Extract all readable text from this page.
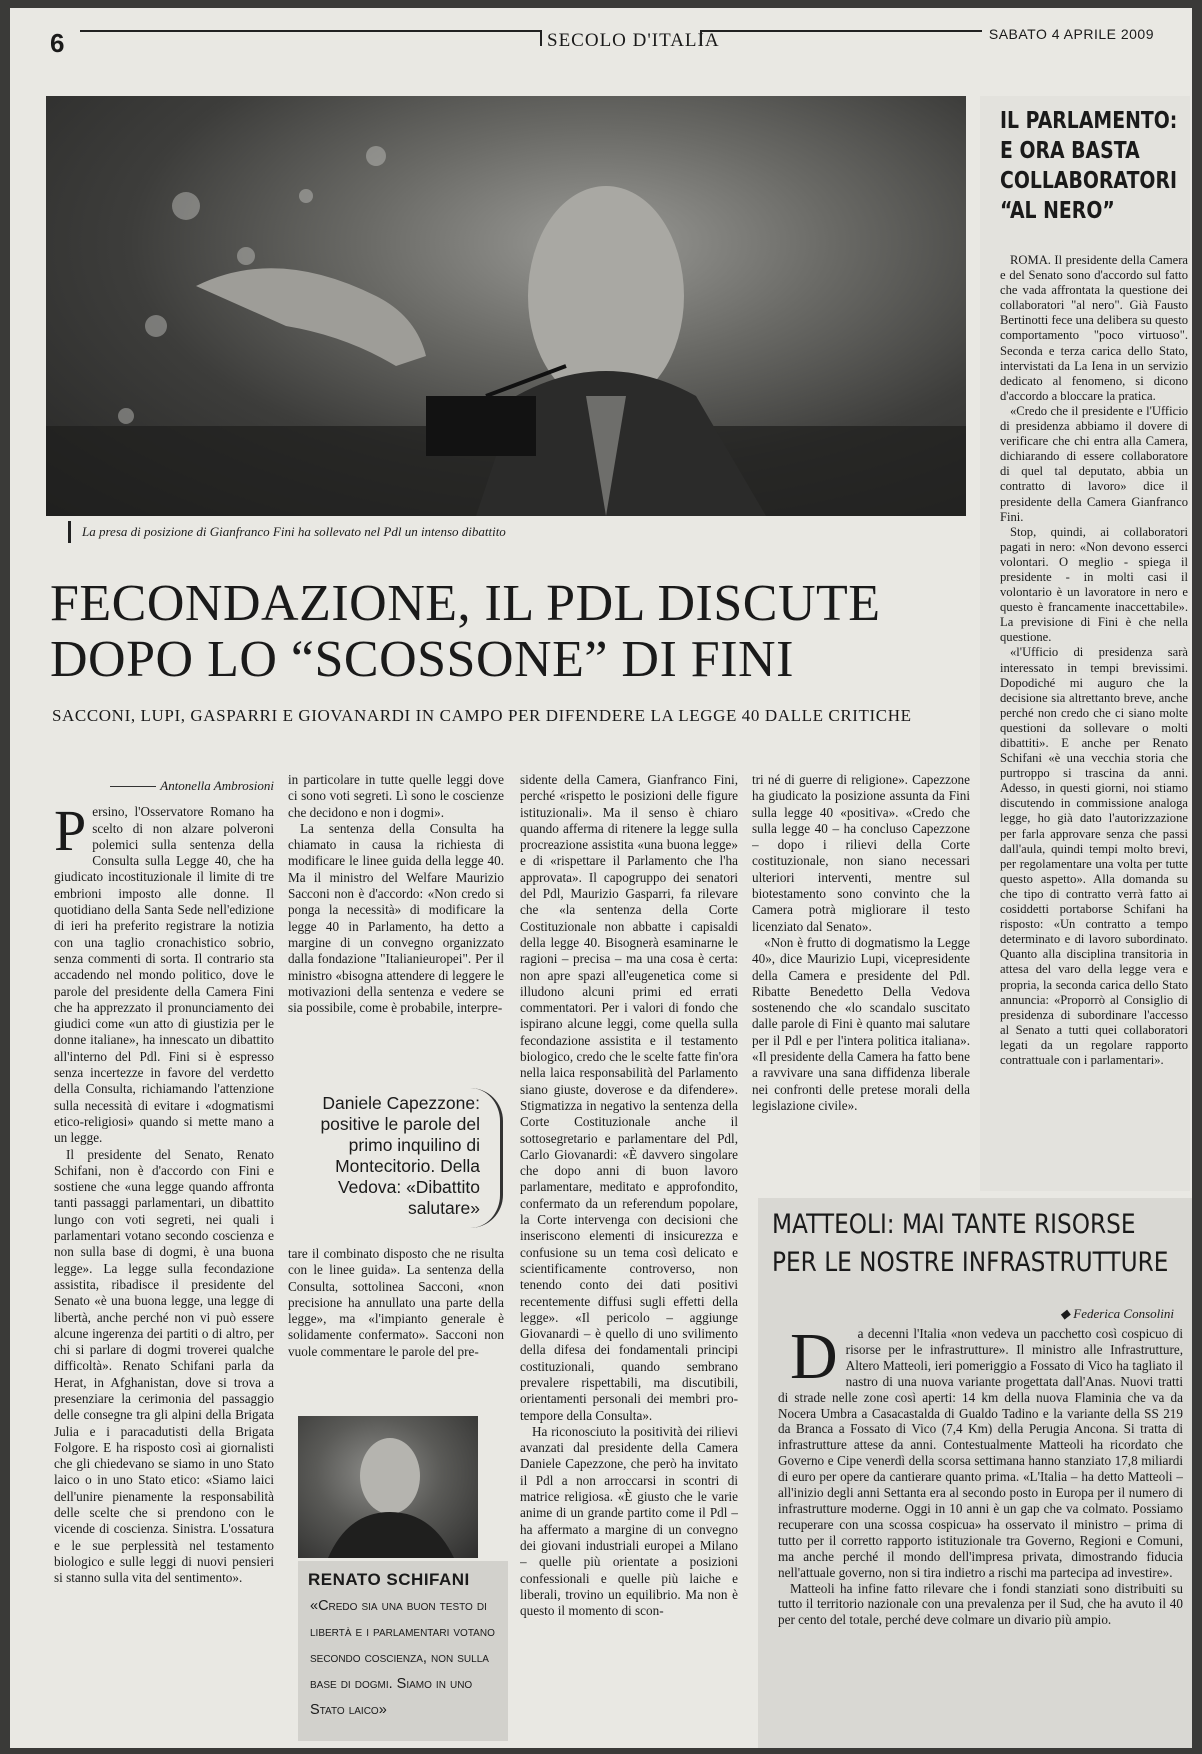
6	SECOLO D'ITALIA	SABATO 4 APRILE 2009
La presa di posizione di Gianfranco Fini ha sollevato nel Pdl un intenso dibattito
FECONDAZIONE, IL PDL DISCUTE
DOPO LO “SCOSSONE” DI FINI
SACCONI, LUPI, GASPARRI E GIOVANARDI IN CAMPO PER DIFENDERE LA LEGGE 40 DALLE CRITICHE

Antonella Ambrosioni

Persino, l'Osservatore Romano ha scelto di non alzare polveroni polemici sulla sentenza della Consulta sulla Legge 40, che ha giudicato incostituzionale il limite di tre embrioni imposto alle donne. Il quotidiano della Santa Sede nell'edizione di ieri ha preferito registrare la notizia con una taglio cronachistico sobrio, senza commenti di sorta. Il contrario sta accadendo nel mondo politico, dove le parole del presidente della Camera Fini che ha apprezzato il pronunciamento dei giudici come «un atto di giustizia per le donne italiane», ha innescato un dibattito all'interno del Pdl. Fini si è espresso senza incertezze in favore del verdetto della Consulta, richiamando l'attenzione sulla necessità di evitare i «dogmatismi etico-religiosi» quando si mette mano a un legge.

Il presidente del Senato, Renato Schifani, non è d'accordo con Fini e sostiene che «una legge quando affronta tanti passaggi parlamentari, un dibattito lungo con voti segreti, nei quali i parlamentari votano secondo coscienza e non sulla base di dogmi, è una buona legge». La legge sulla fecondazione assistita, ribadisce il presidente del Senato «è una buona legge, una legge di libertà, anche perché non vi può essere alcune ingerenza dei partiti o di altro, per chi si parlare di dogmi troverei qualche difficoltà». Renato Schifani parla da Herat, in Afghanistan, dove si trova a presenziare la cerimonia del passaggio delle consegne tra gli alpini della Brigata Julia e i paracadutisti della Brigata Folgore. E ha risposto così ai giornalisti che gli chiedevano se siamo in uno Stato laico o in uno Stato etico: «Siamo laici dell'unire pienamente la responsabilità delle scelte che si prendono con le vicende di coscienza. Sinistra. L'ossatura e le sue perplessità nel testamento biologico e sulle leggi di nuovi pensieri si stanno sulla vita del sentimento».

in particolare in tutte quelle leggi dove ci sono voti segreti. Lì sono le coscienze che decidono e non i dogmi».

La sentenza della Consulta ha chiamato in causa la richiesta di modificare le linee guida della legge 40. Ma il ministro del Welfare Maurizio Sacconi non è d'accordo: «Non credo si ponga la necessità» di modificare la legge 40 in Parlamento, ha detto a margine di un convegno organizzato dalla fondazione "Italianieuropei". Per il ministro «bisogna attendere di leggere le motivazioni della sentenza e vedere se sia possibile, come è probabile, interpre-

Daniele Capezzone: positive le parole del primo inquilino di Montecitorio. Della Vedova: «Dibattito salutare»

tare il combinato disposto che ne risulta con le linee guida». La sentenza della Consulta, sottolinea Sacconi, «non precisione ha annullato una parte della legge», ma «l'impianto generale è solidamente confermato». Sacconi non vuole commentare le parole del pre-

RENATO SCHIFANI
«Credo sia una buon testo di libertà e i parlamentari votano secondo coscienza, non sulla base di dogmi. Siamo in uno Stato laico»

sidente della Camera, Gianfranco Fini, perché «rispetto le posizioni delle figure istituzionali». Ma il senso è chiaro quando afferma di ritenere la legge sulla procreazione assistita «una buona legge» e di «rispettare il Parlamento che l'ha approvata». Il capogruppo dei senatori del Pdl, Maurizio Gasparri, fa rilevare che «la sentenza della Corte Costituzionale non abbatte i capisaldi della legge 40. Bisognerà esaminarne le ragioni – precisa – ma una cosa è certa: non apre spazi all'eugenetica come si illudono alcuni primi ed errati commentatori. Per i valori di fondo che ispirano alcune leggi, come quella sulla fecondazione assistita e il testamento biologico, credo che le scelte fatte fin'ora nella laica responsabilità del Parlamento siano giuste, doverose e da difendere». Stigmatizza in negativo la sentenza della Corte Costituzionale anche il sottosegretario e parlamentare del Pdl, Carlo Giovanardi: «È davvero singolare che dopo anni di buon lavoro parlamentare, meditato e approfondito, confermato da un referendum popolare, la Corte intervenga con decisioni che inseriscono elementi di insicurezza e confusione su un tema così delicato e scientificamente controverso, non tenendo conto dei dati positivi recentemente diffusi sugli effetti della legge». «Il pericolo – aggiunge Giovanardi – è quello di uno svilimento della difesa dei fondamentali principi costituzionali, quando sembrano prevalere rispettabili, ma discutibili, orientamenti personali dei membri pro-tempore della Consulta».

Ha riconosciuto la positività dei rilievi avanzati dal presidente della Camera Daniele Capezzone, che però ha invitato il Pdl a non arroccarsi in scontri di matrice religiosa. «È giusto che le varie anime di un grande partito come il Pdl – ha affermato a margine di un convegno dei giovani industriali europei a Milano – quelle più orientate a posizioni confessionali e quelle più laiche e liberali, trovino un equilibrio. Ma non è questo il momento di scon-

tri né di guerre di religione». Capezzone ha giudicato la posizione assunta da Fini sulla legge 40 «positiva». «Credo che sulla legge 40 – ha concluso Capezzone – dopo i rilievi della Corte costituzionale, non siano necessari ulteriori interventi, mentre sul biotestamento sono convinto che la Camera potrà migliorare il testo licenziato dal Senato».

«Non è frutto di dogmatismo la Legge 40», dice Maurizio Lupi, vicepresidente della Camera e presidente del Pdl. Ribatte Benedetto Della Vedova sostenendo che «lo scandalo suscitato dalle parole di Fini è quanto mai salutare per il Pdl e per l'intera politica italiana». «Il presidente della Camera ha fatto bene a ravvivare una sana diffidenza liberale nei confronti delle pretese morali della legislazione civile».

IL PARLAMENTO: E ORA BASTA COLLABORATORI “AL NERO”

ROMA. Il presidente della Camera e del Senato sono d'accordo sul fatto che vada affrontata la questione dei collaboratori "al nero". Già Fausto Bertinotti fece una delibera su questo comportamento "poco virtuoso". Seconda e terza carica dello Stato, intervistati da La Iena in un servizio dedicato al fenomeno, si dicono d'accordo a bloccare la pratica.

«Credo che il presidente e l'Ufficio di presidenza abbiamo il dovere di verificare che chi entra alla Camera, dichiarando di essere collaboratore di quel tal deputato, abbia un contratto di lavoro» dice il presidente della Camera Gianfranco Fini.

Stop, quindi, ai collaboratori pagati in nero: «Non devono esserci volontari. O meglio - spiega il presidente - in molti casi il volontario è un lavoratore in nero e questo è francamente inaccettabile». La previsione di Fini è che nella questione.

«l'Ufficio di presidenza sarà interessato in tempi brevissimi. Dopodiché mi auguro che la decisione sia altrettanto breve, anche perché non credo che ci siano molte questioni da sollevare o molti dibattiti». E anche per Renato Schifani «è una vecchia storia che purtroppo si trascina da anni. Adesso, in questi giorni, noi stiamo discutendo in commissione analoga legge, ho già dato l'autorizzazione per farla approvare senza che passi dall'aula, quindi tempi molto brevi, per regolamentare una volta per tutte questo aspetto». Alla domanda su che tipo di contratto verrà fatto ai cosiddetti portaborse Schifani ha risposto: «Un contratto a tempo determinato e di lavoro subordinato. Quanto alla disciplina transitoria in attesa del varo della legge vera e propria, la seconda carica dello Stato annuncia: «Proporrò al Consiglio di presidenza di subordinare l'accesso al Senato a tutti quei collaboratori legati da un regolare rapporto contrattuale con i parlamentari».

MATTEOLI: MAI TANTE RISORSE
PER LE NOSTRE INFRASTRUTTURE
◆ Federica Consolini

D a decenni l'Italia «non vedeva un pacchetto così cospicuo di risorse per le infrastrutture». Il ministro alle Infrastrutture, Altero Matteoli, ieri pomeriggio a Fossato di Vico ha tagliato il nastro di una nuova variante progettata dall'Anas. Nuovi tratti di strade nelle zone così aperti: 14 km della nuova Flaminia che va da Nocera Umbra a Casacastalda di Gualdo Tadino e la variante della SS 219 da Branca a Fossato di Vico (7,4 Km) della Perugia Ancona. Si tratta di infrastrutture attese da anni. Contestualmente Matteoli ha ricordato che Governo e Cipe venerdì della scorsa settimana hanno stanziato 17,8 miliardi di euro per opere da cantierare quanto prima. «L'Italia – ha detto Matteoli – all'inizio degli anni Settanta era al secondo posto in Europa per il numero di infrastrutture moderne. Oggi in 10 anni è un gap che va colmato. Possiamo recuperare con una scossa cospicua» ha osservato il ministro – prima di tutto per il corretto rapporto istituzionale tra Governo, Regioni e Comuni, ma anche perché il mondo dell'impresa privata, dimostrando fiducia nell'attuale governo, non si tira indietro a rischi ma partecipa ad investire».

Matteoli ha infine fatto rilevare che i fondi stanziati sono distribuiti su tutto il territorio nazionale con una prevalenza per il Sud, che ha avuto il 40 per cento del totale, perché deve colmare un divario più ampio.
